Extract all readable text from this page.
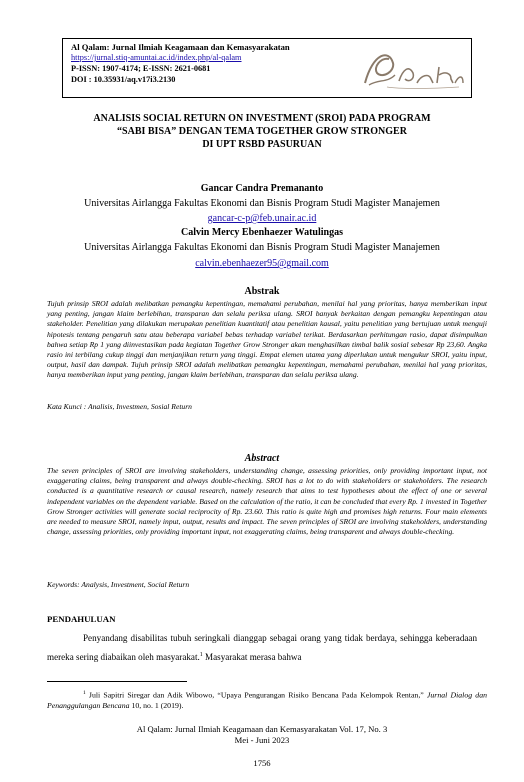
Al Qalam: Jurnal Ilmiah Keagamaan dan Kemasyarakatan
https://jurnal.stiq-amuntai.ac.id/index.php/al-qalam
P-ISSN: 1907-4174; E-ISSN: 2621-0681
DOI : 10.35931/aq.v17i3.2130
ANALISIS SOCIAL RETURN ON INVESTMENT (SROI) PADA PROGRAM
“SABI BISA” DENGAN TEMA TOGETHER GROW STRONGER
DI UPT RSBD PASURUAN
Gancar Candra Premananto
Universitas Airlangga Fakultas Ekonomi dan Bisnis Program Studi Magister Manajemen
gancar-c-p@feb.unair.ac.id
Calvin Mercy Ebenhaezer Watulingas
Universitas Airlangga Fakultas Ekonomi dan Bisnis Program Studi Magister Manajemen
calvin.ebenhaezer95@gmail.com
Abstrak
Tujuh prinsip SROI adalah melibatkan pemangku kepentingan, memahami perubahan, menilai hal yang prioritas, hanya memberikan input yang penting, jangan klaim berlebihan, transparan dan selalu periksa ulang. SROI banyak berkaitan dengan pemangku kepentingan atau stakeholder. Penelitian yang dilakukan merupakan penelitian kuantitatif atau penelitian kausal, yaitu penelitian yang bertujuan untuk menguji hipotesis tentang pengaruh satu atau beberapa variabel bebas terhadap variabel terikat. Berdasarkan perhitungan rasio, dapat disimpulkan bahwa setiap Rp 1 yang diinvestasikan pada kegiatan Together Grow Stronger akan menghasilkan timbal balik sosial sebesar Rp 23,60. Angka rasio ini terbilang cukup tinggi dan menjanjikan return yang tinggi. Empat elemen utama yang diperlukan untuk mengukur SROI, yaitu input, output, hasil dan dampak. Tujuh prinsip SROI adalah melibatkan pemangku kepentingan, memahami perubahan, menilai hal yang prioritas, hanya memberikan input yang penting, jangan klaim berlebihan, transparan dan selalu periksa ulang.
Kata Kunci : Analisis, Investmen, Sosial Return
Abstract
The seven principles of SROI are involving stakeholders, understanding change, assessing priorities, only providing important input, not exaggerating claims, being transparent and always double-checking. SROI has a lot to do with stakeholders or stakeholders. The research conducted is a quantitative research or causal research, namely research that aims to test hypotheses about the effect of one or several independent variables on the dependent variable. Based on the calculation of the ratio, it can be concluded that every Rp. 1 invested in Together Grow Stronger activities will generate social reciprocity of Rp. 23.60. This ratio is quite high and promises high returns. Four main elements are needed to measure SROI, namely input, output, results and impact. The seven principles of SROI are involving stakeholders, understanding change, assessing priorities, only providing important input, not exaggerating claims, being transparent and always double-checking.
Keywords: Analysis, Investment, Social Return
PENDAHULUAN
Penyandang disabilitas tubuh seringkali dianggap sebagai orang yang tidak berdaya, sehingga keberadaan mereka sering diabaikan oleh masyarakat.$^1$ Masyarakat merasa bahwa
$^1$ Juli Sapitri Siregar dan Adik Wibowo, “Upaya Pengurangan Risiko Bencana Pada Kelompok Rentan,” Jurnal Dialog dan Penanggulangan Bencana 10, no. 1 (2019).
Al Qalam: Jurnal Ilmiah Keagamaan dan Kemasyarakatan Vol. 17, No. 3
Mei - Juni 2023
1756
